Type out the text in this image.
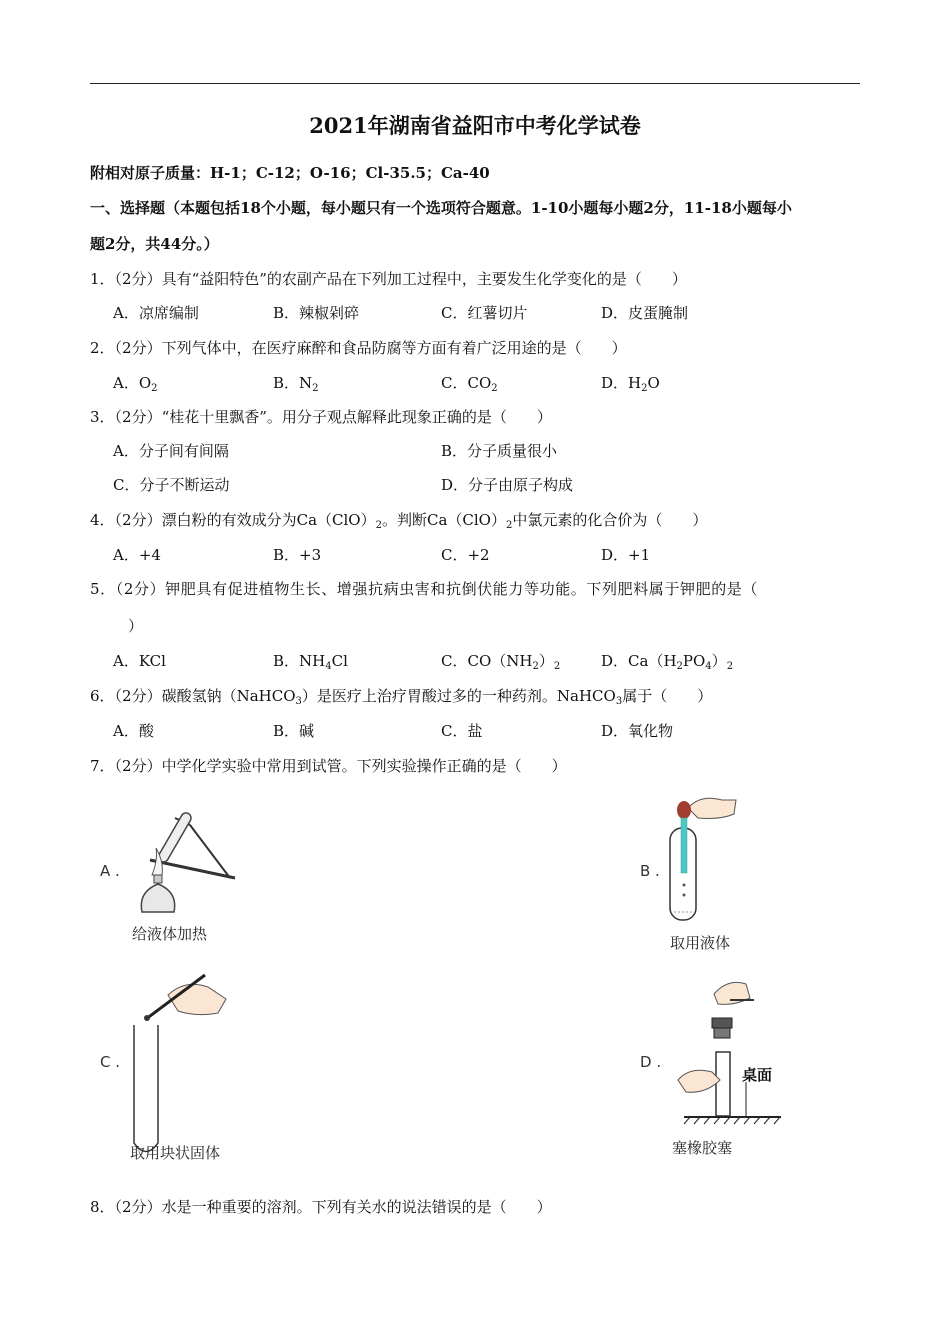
2021年湖南省益阳市中考化学试卷
附相对原子质量：H-1；C-12；O-16；Cl-35.5；Ca-40
一、选择题（本题包括18个小题，每小题只有一个选项符合题意。1-10小题每小题2分，11-18小题每小
题2分，共44分。）
1．（2分）具有“益阳特色”的农副产品在下列加工过程中，主要发生化学变化的是（　　）
A．凉席编制	B．辣椒剁碎	C．红薯切片	D．皮蛋腌制
2．（2分）下列气体中，在医疗麻醉和食品防腐等方面有着广泛用途的是（　　）
A．$O_2$	B．$N_2$	C．$CO_2$	D．$H_2O$
3．（2分）“桂花十里飘香”。用分子观点解释此现象正确的是（　　）
A．分子间有间隔	B．分子质量很小
C．分子不断运动	D．分子由原子构成
4．（2分）漂白粉的有效成分为$Ca(ClO)_2$。判断$Ca(ClO)_2$中氯元素的化合价为（　　）
A．+4	B．+3	C．+2	D．+1
5．（2分）钾肥具有促进植物生长、增强抗病虫害和抗倒伏能力等功能。下列肥料属于钾肥的是（
）
A．KCl	B．$NH_4Cl$	C．$CO(NH_2)_2$	D．$Ca(H_2PO_4)_2$
6．（2分）碳酸氢钠（NaHCO$_3$）是医疗上治疗胃酸过多的一种药剂。NaHCO$_3$属于（　　）
A．酸	B．碱	C．盐	D．氧化物
7．（2分）中学化学实验中常用到试管。下列实验操作正确的是（　　）
A .
给液体加热
B .
取用液体
C .
取用块状固体
D .
桌面
塞橡胶塞
8．（2分）水是一种重要的溶剂。下列有关水的说法错误的是（　　）
